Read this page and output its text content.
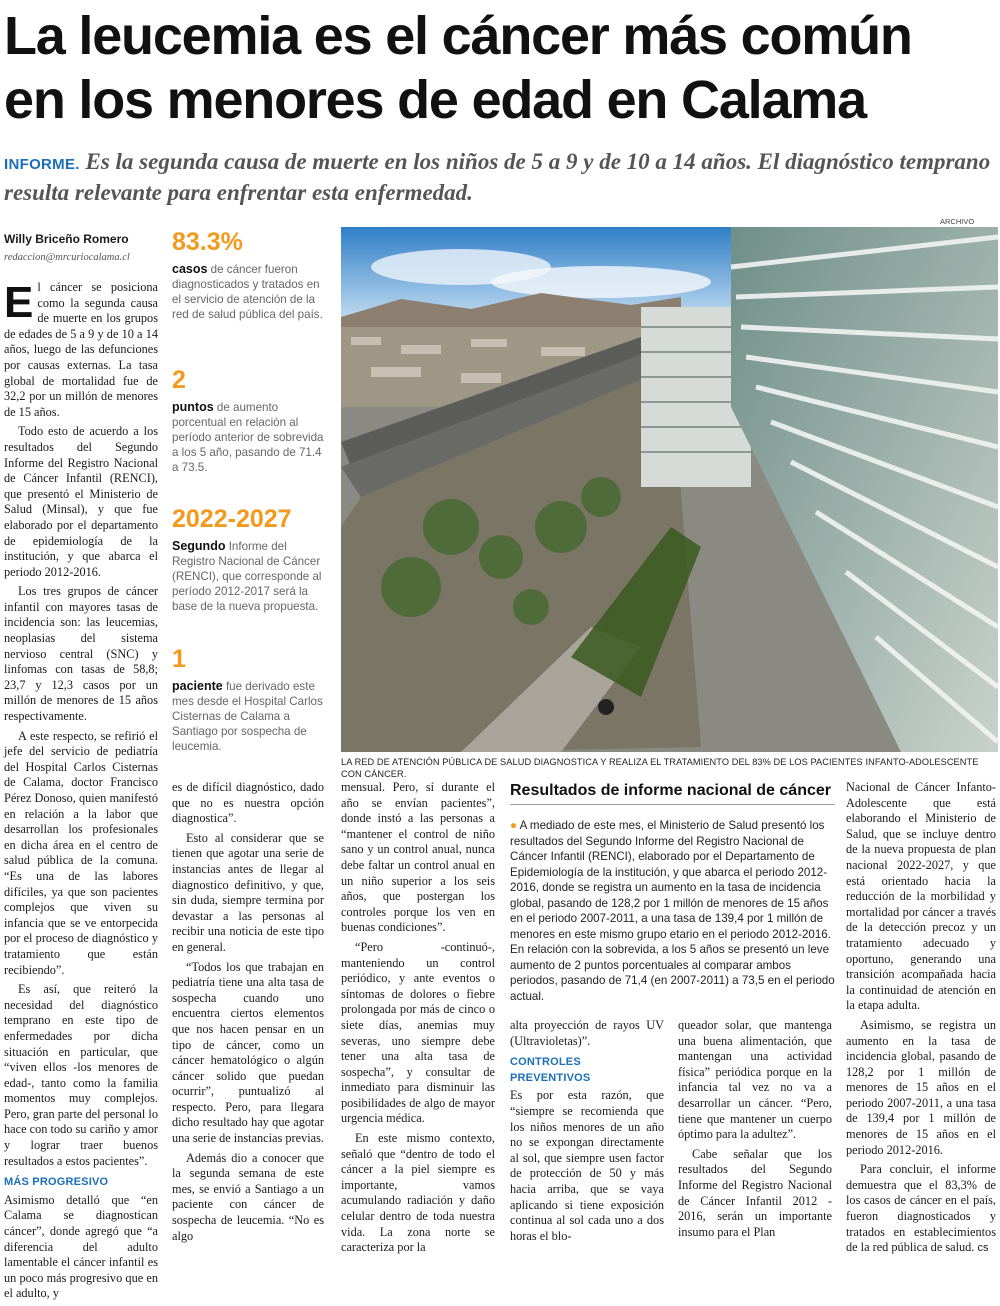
La leucemia es el cáncer más común
en los menores de edad en Calama
INFORME. Es la segunda causa de muerte en los niños de 5 a 9 y de 10 a 14 años. El diagnóstico temprano resulta relevante para enfrentar esta enfermedad.
Willy Briceño Romero
redaccion@mrcuriocalama.cl

El cáncer se posiciona como la segunda causa de muerte en los grupos de edades de 5 a 9 y de 10 a 14 años, luego de las defunciones por causas externas. La tasa global de mortalidad fue de 32,2 por un millón de menores de 15 años.

Todo esto de acuerdo a los resultados del Segundo Informe del Registro Nacional de Cáncer Infantil (RENCI), que presentó el Ministerio de Salud (Minsal), y que fue elaborado por el departamento de epidemiología de la institución, y que abarca el periodo 2012-2016.

Los tres grupos de cáncer infantil con mayores tasas de incidencia son: las leucemias, neoplasias del sistema nervioso central (SNC) y linfomas con tasas de 58,8; 23,7 y 12,3 casos por un millón de menores de 15 años respectivamente.

A este respecto, se refirió el jefe del servicio de pediatría del Hospital Carlos Cisternas de Calama, doctor Francisco Pérez Donoso, quien manifestó en relación a la labor que desarrollan los profesionales en dicha área en el centro de salud pública de la comuna. “Es una de las labores difíciles, ya que son pacientes complejos que viven su infancia que se ve entorpecida por el proceso de diagnóstico y tratamiento que están recibiendo”.

Es así, que reiteró la necesidad del diagnóstico temprano en este tipo de enfermedades por dicha situación en particular, que “viven ellos -los menores de edad-, tanto como la familia momentos muy complejos. Pero, gran parte del personal lo hace con todo su cariño y amor y lograr traer buenos resultados a estos pacientes”.

MÁS PROGRESIVO

Asimismo detalló que “en Calama se diagnostican cáncer”, donde agregó que “a diferencia del adulto lamentable el cáncer infantil es un poco más progresivo que en el adulto, y

83.3%
casos de cáncer fueron diagnosticados y tratados en el servicio de atención de la red de salud pública del país.
2
puntos de aumento porcentual en relación al período anterior de sobrevida a los 5 año, pasando de 71.4 a 73.5.
2022-2027
Segundo Informe del Registro Nacional de Cáncer (RENCI), que corresponde al período 2012-2017 será la base de la nueva propuesta.
1
paciente fue derivado este mes desde el Hospital Carlos Cisternas de Calama a Santiago por sospecha de leucemia.
ARCHIVO
LA RED DE ATENCIÓN PÚBLICA DE SALUD DIAGNOSTICA Y REALIZA EL TRATAMIENTO DEL 83% DE LOS PACIENTES INFANTO-ADOLESCENTE CON CÁNCER.

es de difícil diagnóstico, dado que no es nuestra opción diagnostica”.

Esto al considerar que se tienen que agotar una serie de instancias antes de llegar al diagnostico definitivo, y que, sin duda, siempre termina por devastar a las personas al recibir una noticia de este tipo en general.

“Todos los que trabajan en pediatría tiene una alta tasa de sospecha cuando uno encuentra ciertos elementos que nos hacen pensar en un tipo de cáncer, como un cáncer hematológico o algún cáncer solido que puedan ocurrir”, puntualizó al respecto. Pero, para llegara dicho resultado hay que agotar una serie de instancias previas.

Además dio a conocer que la segunda semana de este mes, se envió a Santiago a un paciente con cáncer de sospecha de leucemia. “No es algo

mensual. Pero, sí durante el año se envían pacientes”, donde instó a las personas a “mantener el control de niño sano y un control anual, nunca debe faltar un control anual en un niño superior a los seis años, que postergan los controles porque los ven en buenas condiciones”.

“Pero -continuó-, manteniendo un control periódico, y ante eventos o síntomas de dolores o fiebre prolongada por más de cinco o siete días, anemias muy severas, uno siempre debe tener una alta tasa de sospecha”, y consultar de inmediato para disminuir las posibilidades de algo de mayor urgencia médica.

En este mismo contexto, señaló que “dentro de todo el cáncer a la piel siempre es importante, vamos acumulando radiación y daño celular dentro de toda nuestra vida. La zona norte se caracteriza por la

Resultados de informe nacional de cáncer
● A mediado de este mes, el Ministerio de Salud presentó los resultados del Segundo Informe del Registro Nacional de Cáncer Infantil (RENCI), elaborado por el Departamento de Epidemiología de la institución, y que abarca el periodo 2012-2016, donde se registra un aumento en la tasa de incidencia global, pasando de 128,2 por 1 millón de menores de 15 años en el periodo 2007-2011, a una tasa de 139,4 por 1 millón de menores en este mismo grupo etario en el periodo 2012-2016. En relación con la sobrevida, a los 5 años se presentó un leve aumento de 2 puntos porcentuales al comparar ambos periodos, pasando de 71,4 (en 2007-2011) a 73,5 en el periodo actual.

alta proyección de rayos UV (Ultravioletas)”.

CONTROLES PREVENTIVOS

Es por esta razón, que “siempre se recomienda que los niños menores de un año no se expongan directamente al sol, que siempre usen factor de protección de 50 y más hacia arriba, que se vaya aplicando si tiene exposición continua al sol cada uno a dos horas el blo-

queador solar, que mantenga una buena alimentación, que mantengan una actividad física” periódica porque en la infancia tal vez no va a desarrollar un cáncer. “Pero, tiene que mantener un cuerpo óptimo para la adultez”.

Cabe señalar que los resultados del Segundo Informe del Registro Nacional de Cáncer Infantil 2012 - 2016, serán un importante insumo para el Plan

Nacional de Cáncer Infanto-Adolescente que está elaborando el Ministerio de Salud, que se incluye dentro de la nueva propuesta de plan nacional 2022-2027, y que está orientado hacia la reducción de la morbilidad y mortalidad por cáncer a través de la detección precoz y un tratamiento adecuado y oportuno, generando una transición acompañada hacia la continuidad de atención en la etapa adulta.

Asimismo, se registra un aumento en la tasa de incidencia global, pasando de 128,2 por 1 millón de menores de 15 años en el periodo 2007-2011, a una tasa de 139,4 por 1 millón de menores de 15 años en el periodo 2012-2016.

Para concluir, el informe demuestra que el 83,3% de los casos de cáncer en el país, fueron diagnosticados y tratados en establecimientos de la red pública de salud. cs
